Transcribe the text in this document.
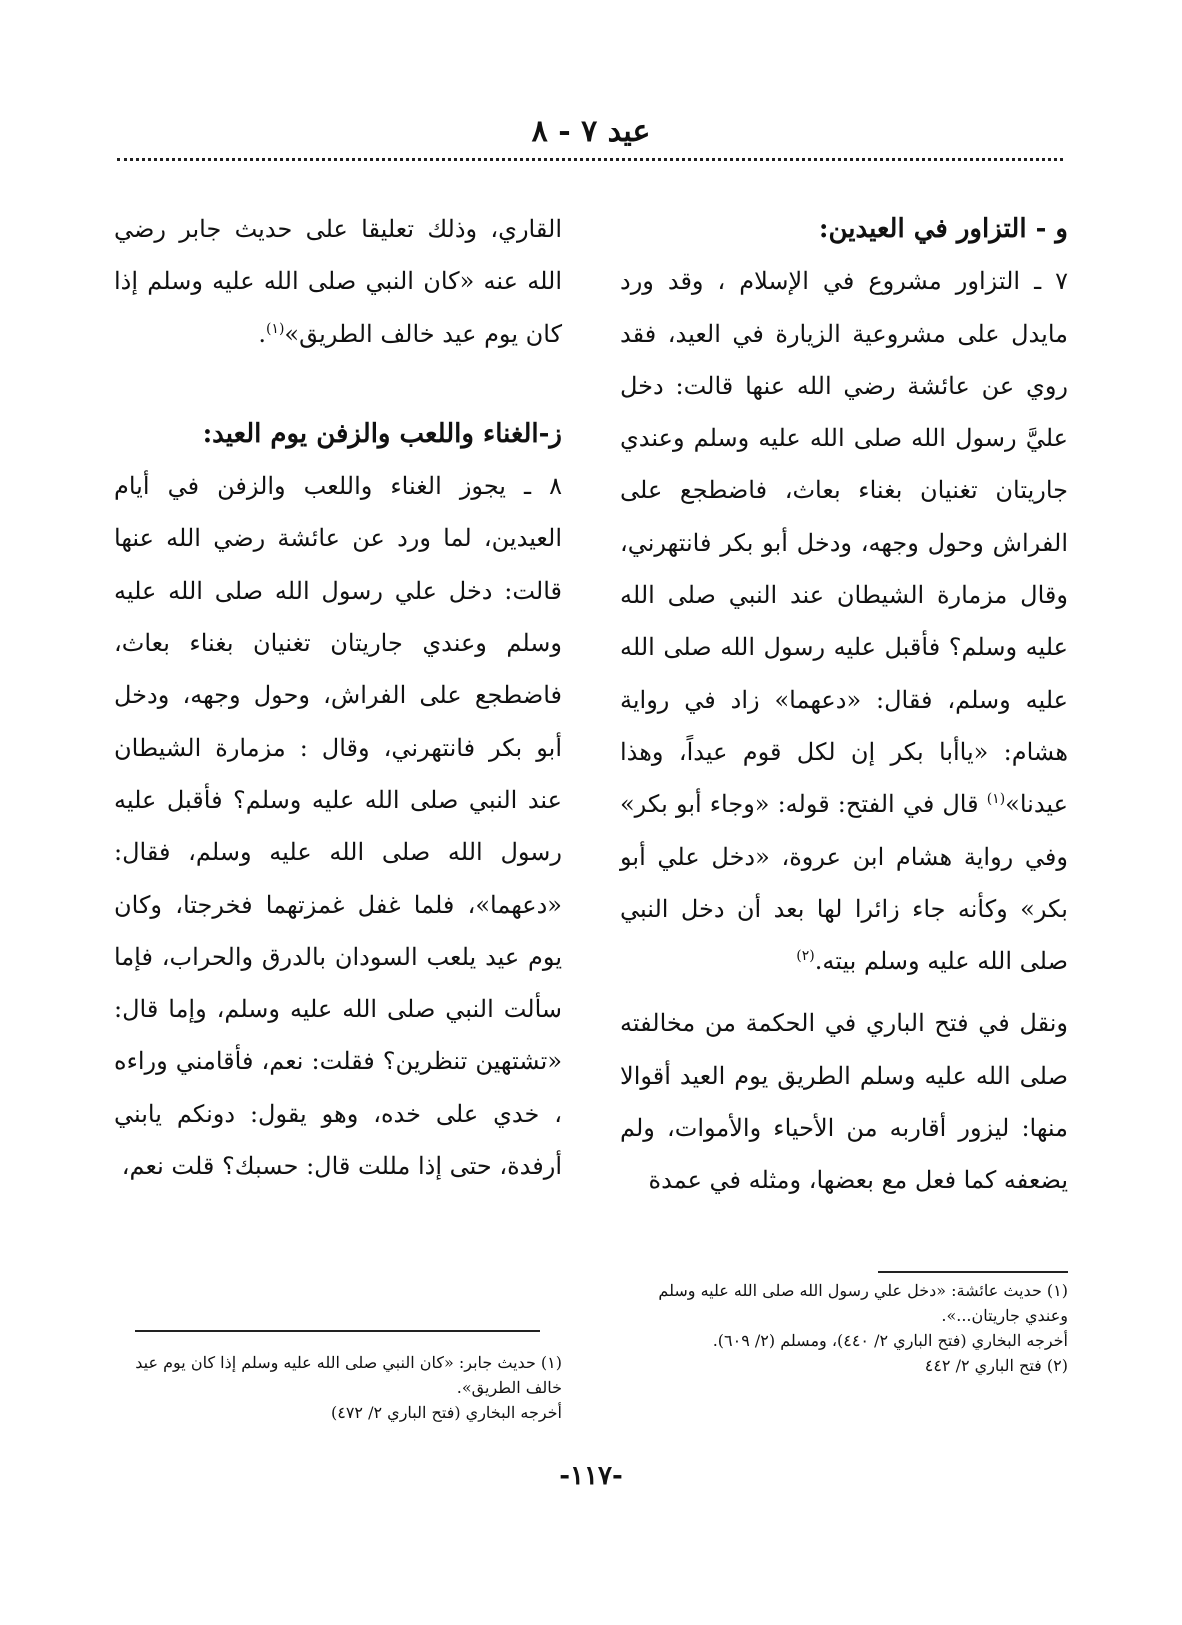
عيد ٧ - ٨

و - التزاور في العيدين:

٧ ـ التزاور مشروع في الإسلام ، وقد ورد مايدل على مشروعية الزيارة في العيد، فقد روي عن عائشة رضي الله عنها قالت: دخل عليَّ رسول الله صلى الله عليه وسلم وعندي جاريتان تغنيان بغناء بعاث، فاضطجع على الفراش وحول وجهه، ودخل أبو بكر فانتهرني، وقال مزمارة الشيطان عند النبي صلى الله عليه وسلم؟ فأقبل عليه رسول الله صلى الله عليه وسلم، فقال: «دعهما» زاد في رواية هشام: «ياأبا بكر إن لكل قوم عيداً، وهذا عيدنا»$^{(١)}$ قال في الفتح: قوله: «وجاء أبو بكر» وفي رواية هشام ابن عروة، «دخل علي أبو بكر» وكأنه جاء زائرا لها بعد أن دخل النبي صلى الله عليه وسلم بيته.$^{(٢)}$

ونقل في فتح الباري في الحكمة من مخالفته صلى الله عليه وسلم الطريق يوم العيد أقوالا منها: ليزور أقاربه من الأحياء والأموات، ولم يضعفه كما فعل مع بعضها، ومثله في عمدة

القاري، وذلك تعليقا على حديث جابر رضي الله عنه «كان النبي صلى الله عليه وسلم إذا كان يوم عيد خالف الطريق»$^{(١)}$.

ز-الغناء واللعب والزفن يوم العيد:

٨ ـ يجوز الغناء واللعب والزفن في أيام العيدين، لما ورد عن عائشة رضي الله عنها قالت: دخل علي رسول الله صلى الله عليه وسلم وعندي جاريتان تغنيان بغناء بعاث، فاضطجع على الفراش، وحول وجهه، ودخل أبو بكر فانتهرني، وقال : مزمارة الشيطان عند النبي صلى الله عليه وسلم؟ فأقبل عليه رسول الله صلى الله عليه وسلم، فقال: «دعهما»، فلما غفل غمزتهما فخرجتا، وكان يوم عيد يلعب السودان بالدرق والحراب، فإما سألت النبي صلى الله عليه وسلم، وإما قال: «تشتهين تنظرين؟ فقلت: نعم، فأقامني وراءه ، خدي على خده، وهو يقول: دونكم يابني أرفدة، حتى إذا مللت قال: حسبك؟ قلت نعم،

(١) حديث عائشة: «دخل علي رسول الله صلى الله عليه وسلم وعندي جاريتان...».

أخرجه البخاري (فتح الباري ٢/ ٤٤٠)، ومسلم (٢/ ٦٠٩).

(٢) فتح الباري ٢/ ٤٤٢

(١) حديث جابر: «كان النبي صلى الله عليه وسلم إذا كان يوم عيد خالف الطريق».

أخرجه البخاري (فتح الباري ٢/ ٤٧٢)

-١١٧-
